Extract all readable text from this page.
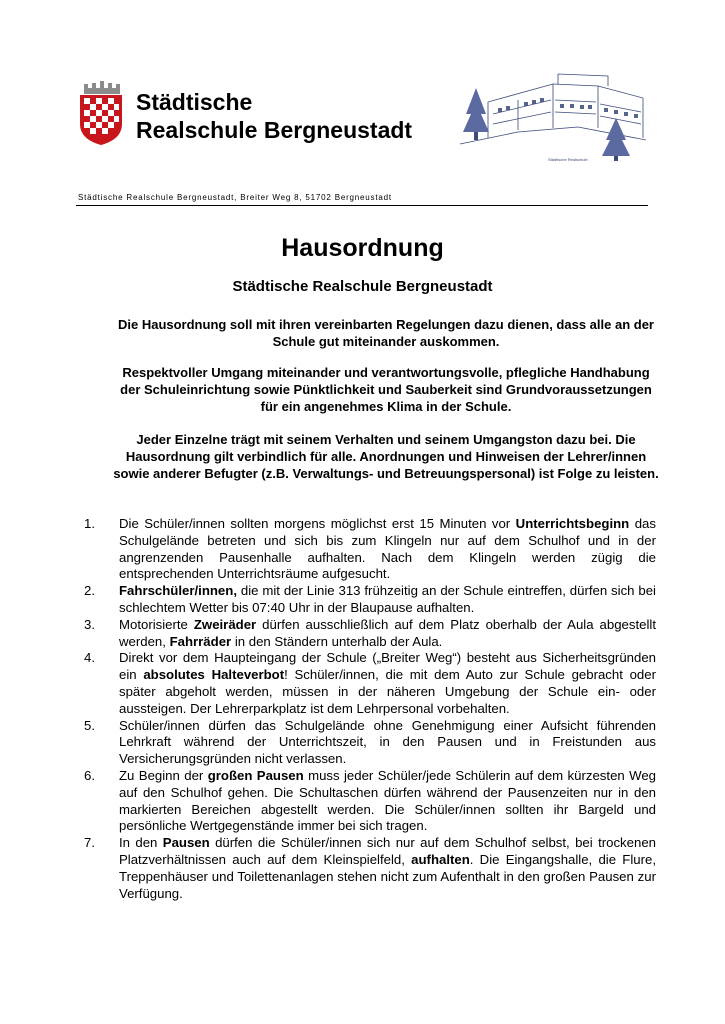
Städtische
Realschule Bergneustadt
Städtische Realschule
Städtische Realschule Bergneustadt, Breiter Weg 8, 51702 Bergneustadt
Hausordnung
Städtische Realschule Bergneustadt
Die Hausordnung soll mit ihren vereinbarten Regelungen dazu dienen, dass alle an der Schule gut miteinander auskommen.
Respektvoller Umgang miteinander und verantwortungsvolle, pflegliche Handhabung der Schuleinrichtung sowie Pünktlichkeit und Sauberkeit sind Grundvoraussetzungen für ein angenehmes Klima in der Schule.
Jeder Einzelne trägt mit seinem Verhalten und seinem Umgangston dazu bei. Die Hausordnung gilt verbindlich für alle. Anordnungen und Hinweisen der Lehrer/innen sowie anderer Befugter (z.B. Verwaltungs- und Betreuungspersonal) ist Folge zu leisten.
1. Die Schüler/innen sollten morgens möglichst erst 15 Minuten vor Unterrichtsbeginn das Schulgelände betreten und sich bis zum Klingeln nur auf dem Schulhof und in der angrenzenden Pausenhalle aufhalten. Nach dem Klingeln werden zügig die entsprechenden Unterrichtsräume aufgesucht.
2. Fahrschüler/innen, die mit der Linie 313 frühzeitig an der Schule eintreffen, dürfen sich bei schlechtem Wetter bis 07:40 Uhr in der Blaupause aufhalten.
3. Motorisierte Zweiräder dürfen ausschließlich auf dem Platz oberhalb der Aula abgestellt werden, Fahrräder in den Ständern unterhalb der Aula.
4. Direkt vor dem Haupteingang der Schule („Breiter Weg“) besteht aus Sicherheitsgründen ein absolutes Halteverbot! Schüler/innen, die mit dem Auto zur Schule gebracht oder später abgeholt werden, müssen in der näheren Umgebung der Schule ein- oder aussteigen. Der Lehrerparkplatz ist dem Lehrpersonal vorbehalten.
5. Schüler/innen dürfen das Schulgelände ohne Genehmigung einer Aufsicht führenden Lehrkraft während der Unterrichtszeit, in den Pausen und in Freistunden aus Versicherungsgründen nicht verlassen.
6. Zu Beginn der großen Pausen muss jeder Schüler/jede Schülerin auf dem kürzesten Weg auf den Schulhof gehen. Die Schultaschen dürfen während der Pausenzeiten nur in den markierten Bereichen abgestellt werden. Die Schüler/innen sollten ihr Bargeld und persönliche Wertgegenstände immer bei sich tragen.
7. In den Pausen dürfen die Schüler/innen sich nur auf dem Schulhof selbst, bei trockenen Platzverhältnissen auch auf dem Kleinspielfeld, aufhalten. Die Eingangshalle, die Flure, Treppenhäuser und Toilettenanlagen stehen nicht zum Aufenthalt in den großen Pausen zur Verfügung.
